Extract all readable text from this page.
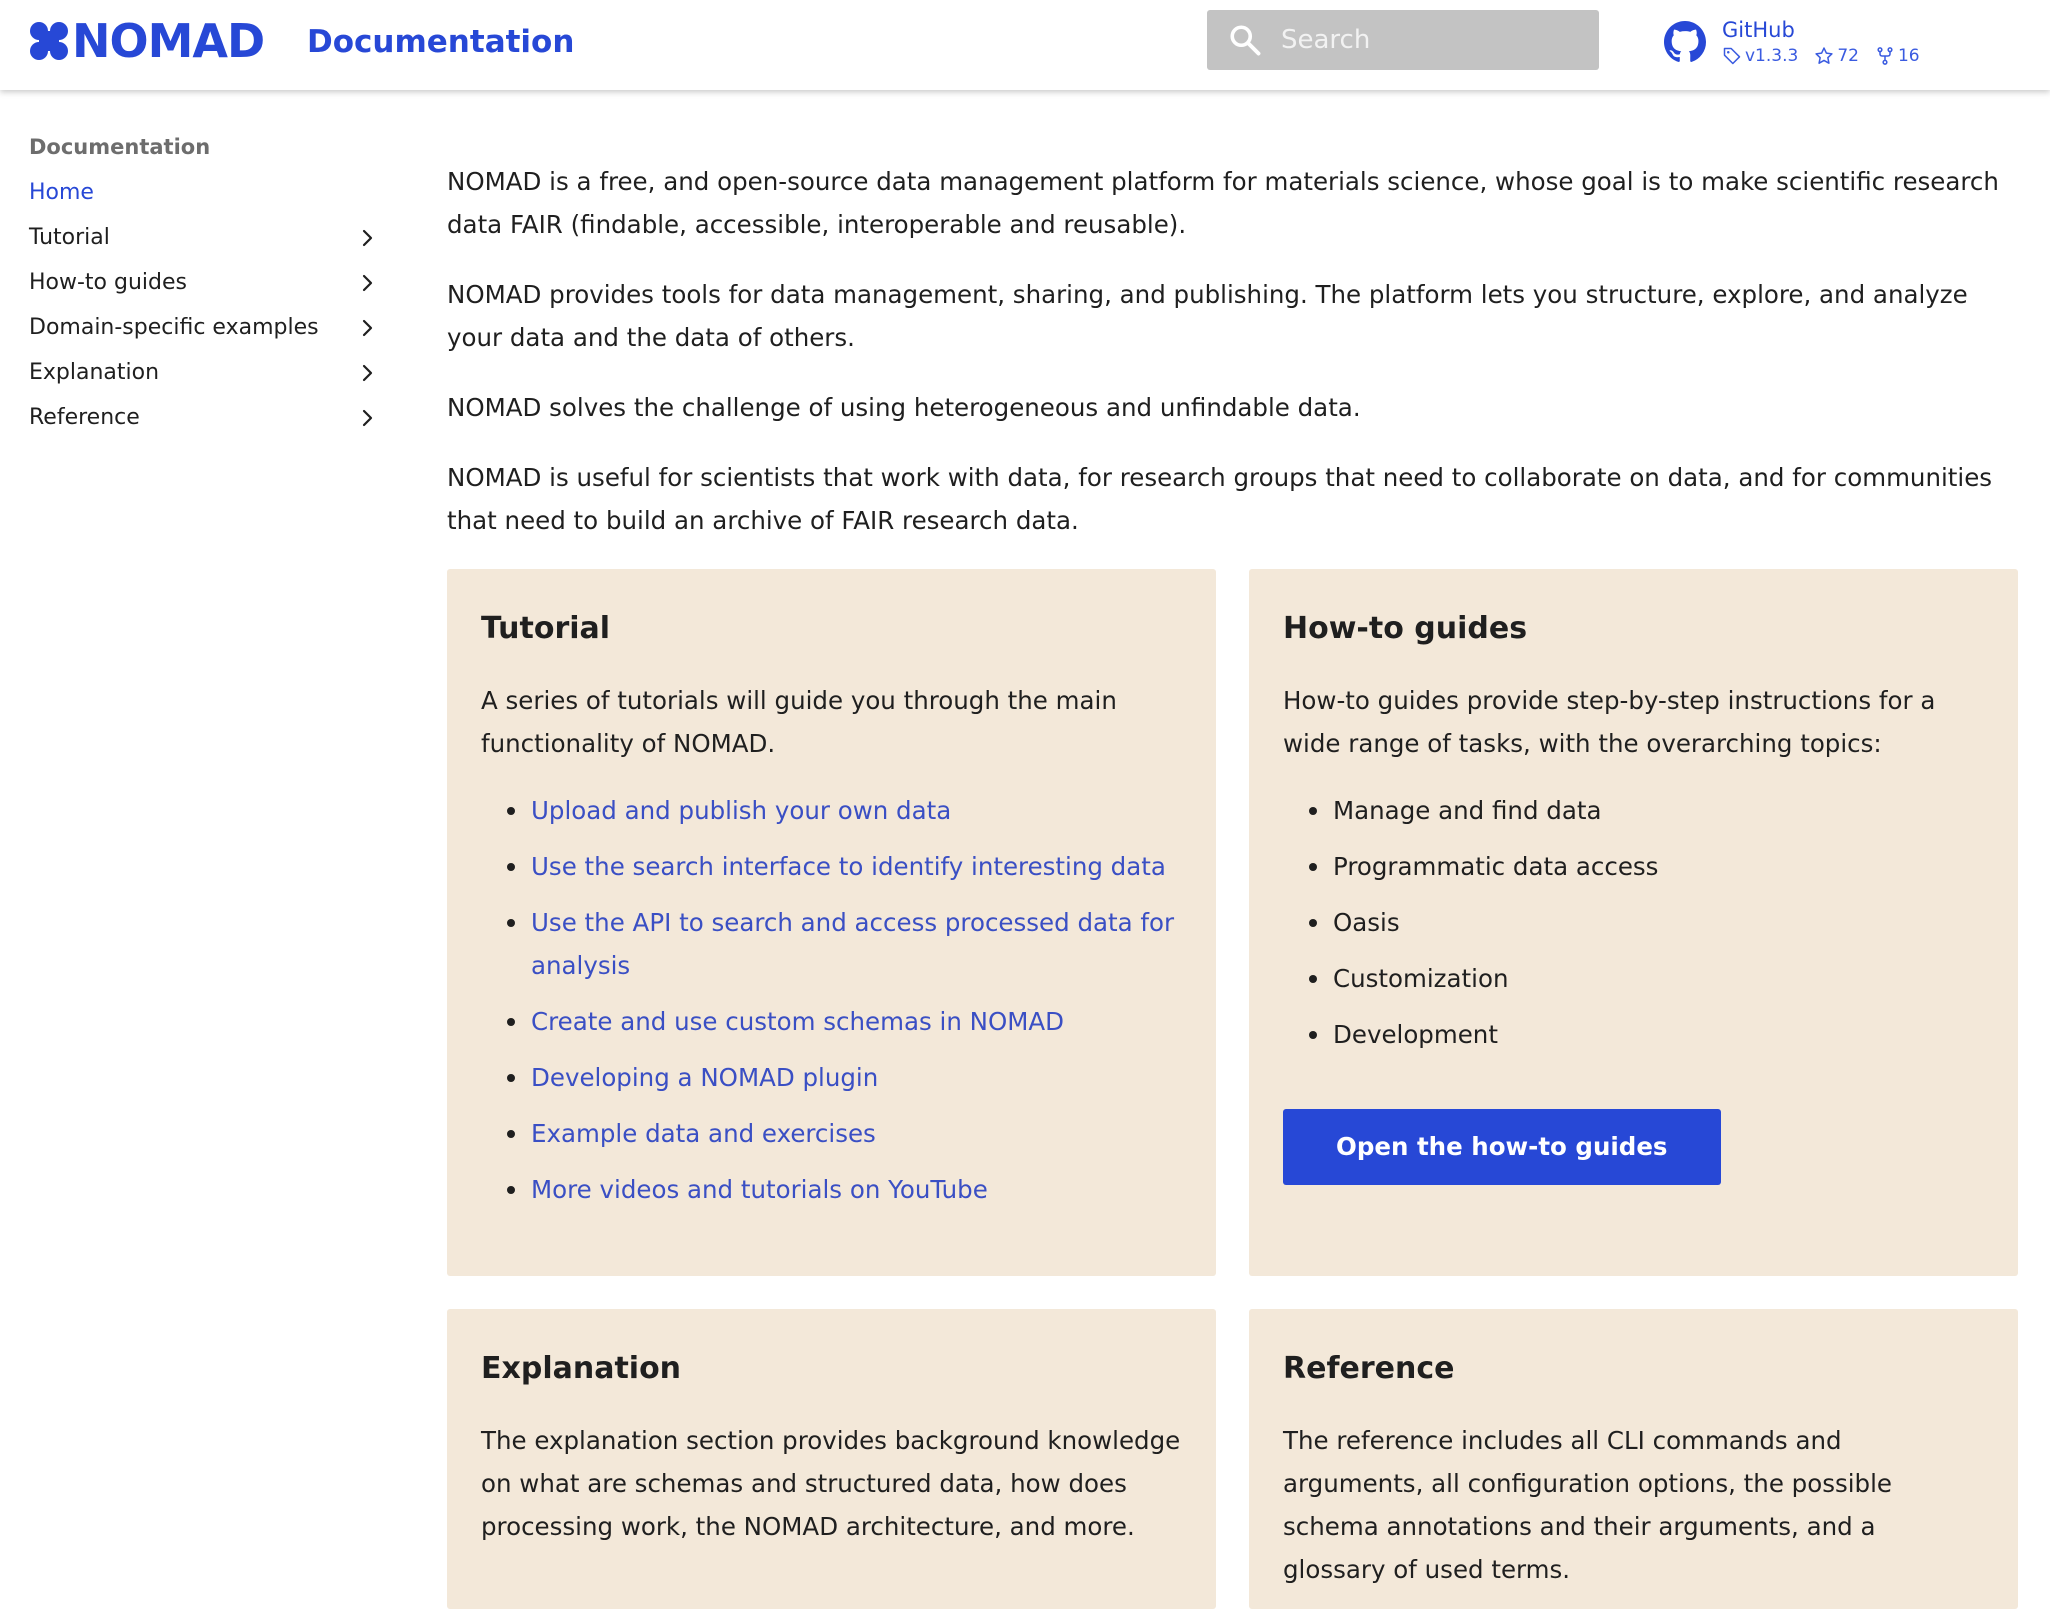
NOMAD Documentation
Search	GitHub
v1.3.3 72 16
Documentation
Home
Tutorial
How-to guides
Domain-specific examples
Explanation
Reference

NOMAD is a free, and open-source data management platform for materials science, whose goal is to make scientific research data FAIR (findable, accessible, interoperable and reusable).

NOMAD provides tools for data management, sharing, and publishing. The platform lets you structure, explore, and analyze your data and the data of others.

NOMAD solves the challenge of using heterogeneous and unfindable data.

NOMAD is useful for scientists that work with data, for research groups that need to collaborate on data, and for communities that need to build an archive of FAIR research data.

Tutorial

A series of tutorials will guide you through the main functionality of NOMAD.

Upload and publish your own data
Use the search interface to identify interesting data
Use the API to search and access processed data for analysis
Create and use custom schemas in NOMAD
Developing a NOMAD plugin
Example data and exercises
More videos and tutorials on YouTube
How-to guides

How-to guides provide step-by-step instructions for a wide range of tasks, with the overarching topics:

Manage and find data
Programmatic data access
Oasis
Customization
Development
Open the how-to guides
Explanation

The explanation section provides background knowledge on what are schemas and structured data, how does processing work, the NOMAD architecture, and more.

Reference

The reference includes all CLI commands and arguments, all configuration options, the possible schema annotations and their arguments, and a glossary of used terms.
